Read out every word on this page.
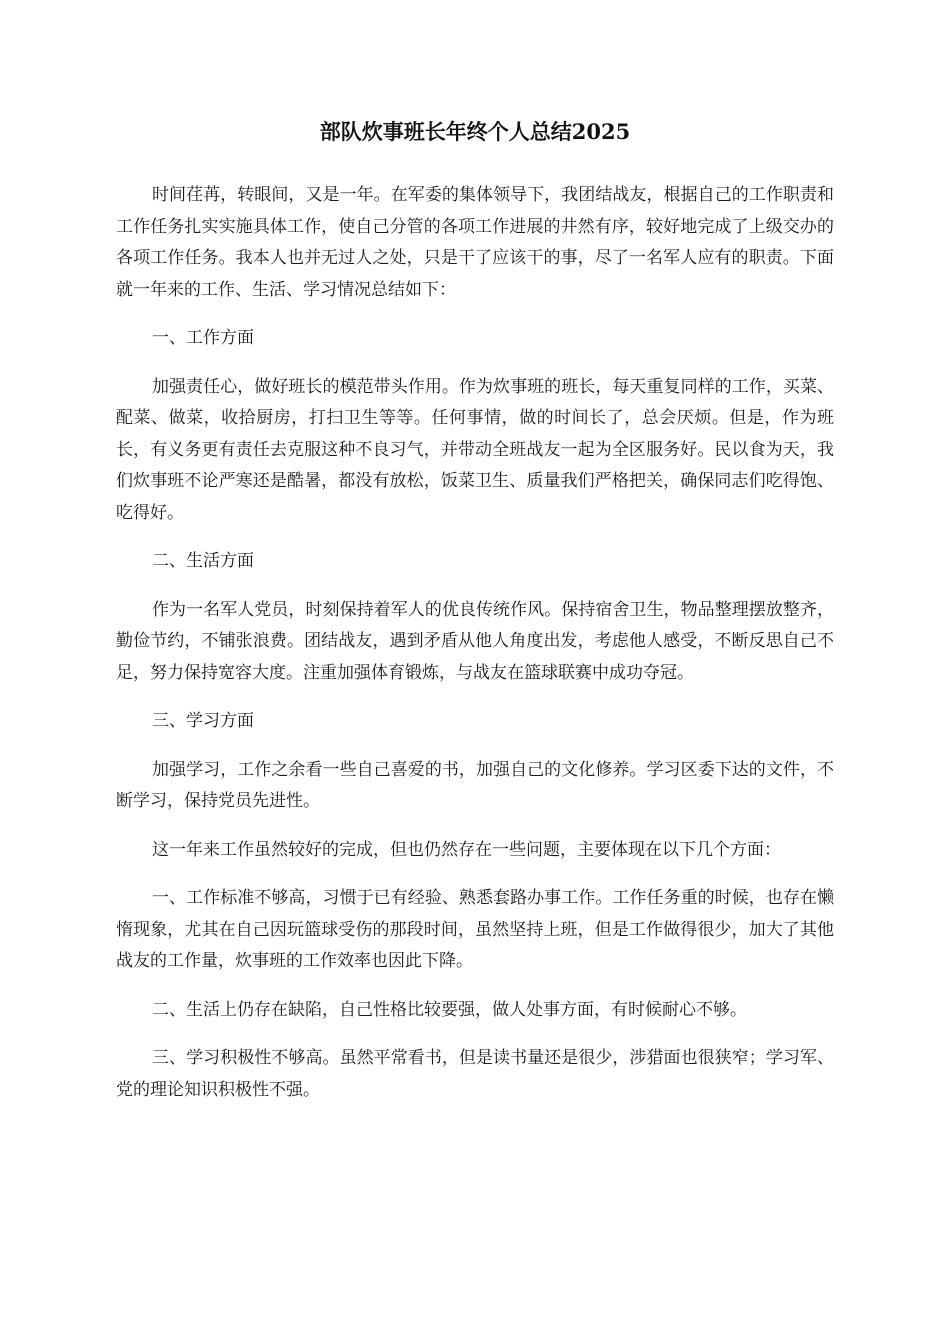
部队炊事班长年终个人总结2025

时间荏苒，转眼间，又是一年。在军委的集体领导下，我团结战友，根据自己的工作职责和工作任务扎实实施具体工作，使自己分管的各项工作进展的井然有序，较好地完成了上级交办的各项工作任务。我本人也并无过人之处，只是干了应该干的事，尽了一名军人应有的职责。下面就一年来的工作、生活、学习情况总结如下：

一、工作方面

加强责任心，做好班长的模范带头作用。作为炊事班的班长，每天重复同样的工作，买菜、配菜、做菜，收拾厨房，打扫卫生等等。任何事情，做的时间长了，总会厌烦。但是，作为班长，有义务更有责任去克服这种不良习气，并带动全班战友一起为全区服务好。民以食为天，我们炊事班不论严寒还是酷暑，都没有放松，饭菜卫生、质量我们严格把关，确保同志们吃得饱、吃得好。

二、生活方面

作为一名军人党员，时刻保持着军人的优良传统作风。保持宿舍卫生，物品整理摆放整齐，勤俭节约，不铺张浪费。团结战友，遇到矛盾从他人角度出发，考虑他人感受，不断反思自己不足，努力保持宽容大度。注重加强体育锻炼，与战友在篮球联赛中成功夺冠。

三、学习方面

加强学习，工作之余看一些自己喜爱的书，加强自己的文化修养。学习区委下达的文件，不断学习，保持党员先进性。

这一年来工作虽然较好的完成，但也仍然存在一些问题，主要体现在以下几个方面：

一、工作标准不够高，习惯于已有经验、熟悉套路办事工作。工作任务重的时候，也存在懒惰现象，尤其在自己因玩篮球受伤的那段时间，虽然坚持上班，但是工作做得很少，加大了其他战友的工作量，炊事班的工作效率也因此下降。

二、生活上仍存在缺陷，自己性格比较要强，做人处事方面，有时候耐心不够。

三、学习积极性不够高。虽然平常看书，但是读书量还是很少，涉猎面也很狭窄；学习军、党的理论知识积极性不强。
